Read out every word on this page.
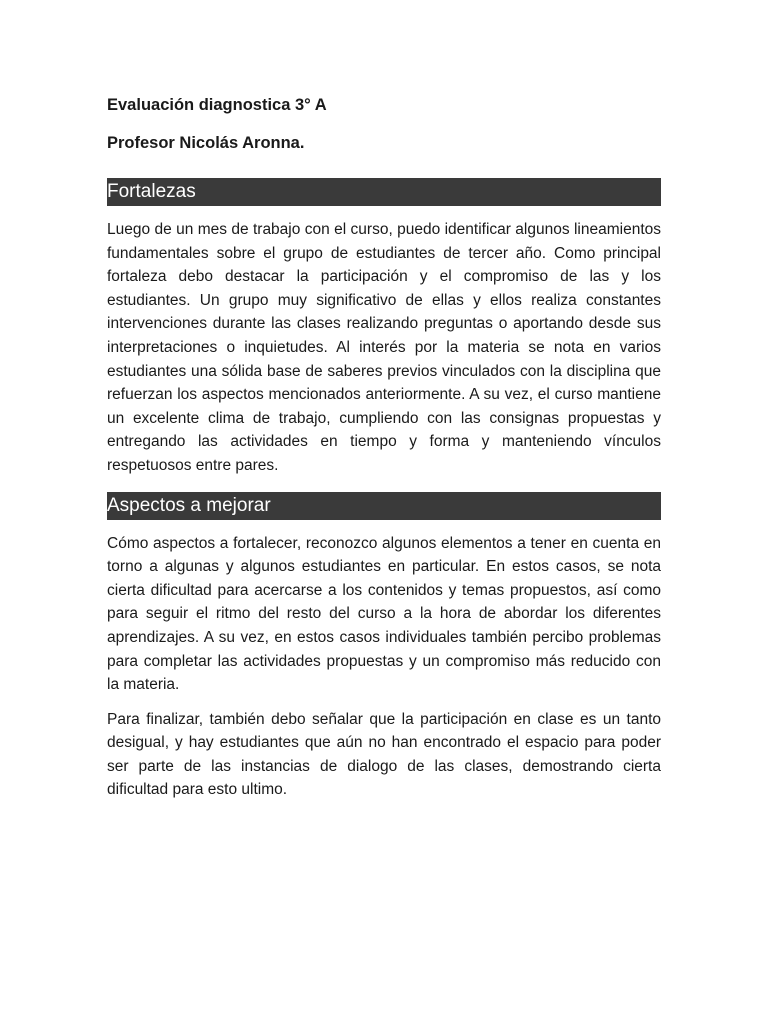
Evaluación diagnostica 3° A

Profesor Nicolás Aronna.

Fortalezas

Luego de un mes de trabajo con el curso, puedo identificar algunos lineamientos fundamentales sobre el grupo de estudiantes de tercer año. Como principal fortaleza debo destacar la participación y el compromiso de las y los estudiantes. Un grupo muy significativo de ellas y ellos realiza constantes intervenciones durante las clases realizando preguntas o aportando desde sus interpretaciones o inquietudes. Al interés por la materia se nota en varios estudiantes una sólida base de saberes previos vinculados con la disciplina que refuerzan los aspectos mencionados anteriormente. A su vez, el curso mantiene un excelente clima de trabajo, cumpliendo con las consignas propuestas y entregando las actividades en tiempo y forma y manteniendo vínculos respetuosos entre pares.

Aspectos a mejorar

Cómo aspectos a fortalecer, reconozco algunos elementos a tener en cuenta en torno a algunas y algunos estudiantes en particular. En estos casos, se nota cierta dificultad para acercarse a los contenidos y temas propuestos, así como para seguir el ritmo del resto del curso a la hora de abordar los diferentes aprendizajes. A su vez, en estos casos individuales también percibo problemas para completar las actividades propuestas y un compromiso más reducido con la materia.

Para finalizar, también debo señalar que la participación en clase es un tanto desigual, y hay estudiantes que aún no han encontrado el espacio para poder ser parte de las instancias de dialogo de las clases, demostrando cierta dificultad para esto ultimo.
